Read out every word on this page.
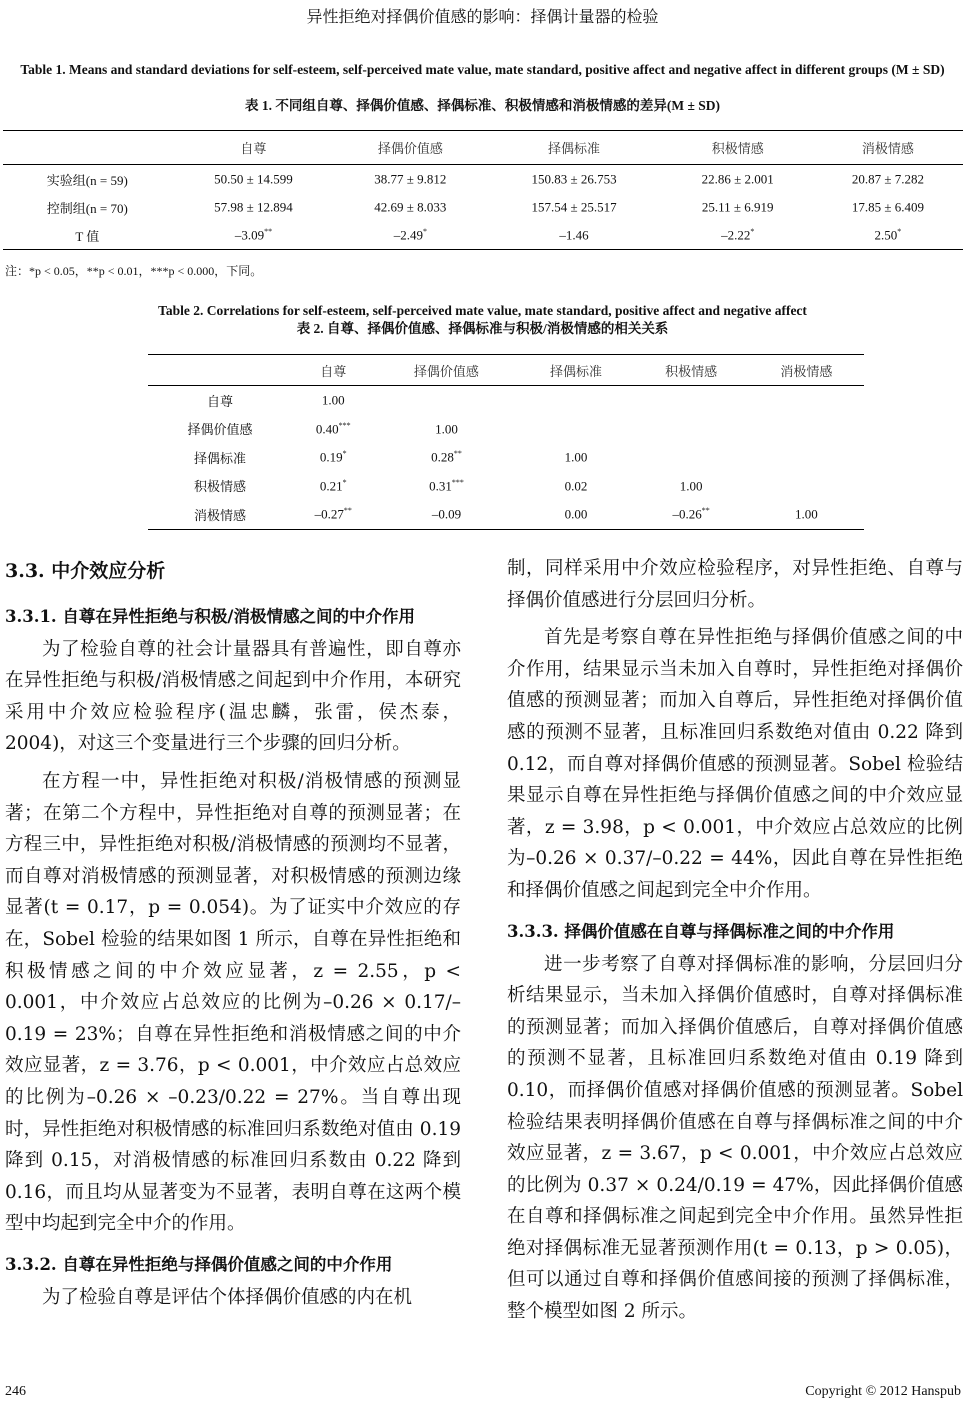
异性拒绝对择偶价值感的影响：择偶计量器的检验
Table 1. Means and standard deviations for self-esteem, self-perceived mate value, mate standard, positive affect and negative affect in different groups (M ± SD)
表 1. 不同组自尊、择偶价值感、择偶标准、积极情感和消极情感的差异(M ± SD)
	自尊	择偶价值感	择偶标准	积极情感	消极情感
实验组(n = 59)	50.50 ± 14.599	38.77 ± 9.812	150.83 ± 26.753	22.86 ± 2.001	20.87 ± 7.282
控制组(n = 70)	57.98 ± 12.894	42.69 ± 8.033	157.54 ± 25.517	25.11 ± 6.919	17.85 ± 6.409
T 值	–3.09**	–2.49*	–1.46	–2.22*	2.50*
注：*p < 0.05，**p < 0.01，***p < 0.000，下同。
Table 2. Correlations for self-esteem, self-perceived mate value, mate standard, positive affect and negative affect
表 2. 自尊、择偶价值感、择偶标准与积极/消极情感的相关关系
	自尊	择偶价值感	择偶标准	积极情感	消极情感
自尊	1.00				
择偶价值感	0.40***	1.00			
择偶标准	0.19*	0.28**	1.00		
积极情感	0.21*	0.31***	0.02	1.00	
消极情感	–0.27**	–0.09	0.00	–0.26**	1.00
3.3. 中介效应分析
3.3.1. 自尊在异性拒绝与积极/消极情感之间的中介作用

为了检验自尊的社会计量器具有普遍性，即自尊亦在异性拒绝与积极/消极情感之间起到中介作用，本研究采用中介效应检验程序(温忠麟，张雷，侯杰泰，2004)，对这三个变量进行三个步骤的回归分析。

在方程一中，异性拒绝对积极/消极情感的预测显著；在第二个方程中，异性拒绝对自尊的预测显著；在方程三中，异性拒绝对积极/消极情感的预测均不显著，而自尊对消极情感的预测显著，对积极情感的预测边缘显著(t = 0.17，p = 0.054)。为了证实中介效应的存在，Sobel 检验的结果如图 1 所示，自尊在异性拒绝和积极情感之间的中介效应显著，z = 2.55，p < 0.001，中介效应占总效应的比例为–0.26 × 0.17/–0.19 = 23%；自尊在异性拒绝和消极情感之间的中介效应显著，z = 3.76，p < 0.001，中介效应占总效应的比例为–0.26 × –0.23/0.22 = 27%。当自尊出现时，异性拒绝对积极情感的标准回归系数绝对值由 0.19 降到 0.15，对消极情感的标准回归系数由 0.22 降到 0.16，而且均从显著变为不显著，表明自尊在这两个模型中均起到完全中介的作用。

3.3.2. 自尊在异性拒绝与择偶价值感之间的中介作用

为了检验自尊是评估个体择偶价值感的内在机

制，同样采用中介效应检验程序，对异性拒绝、自尊与择偶价值感进行分层回归分析。

首先是考察自尊在异性拒绝与择偶价值感之间的中介作用，结果显示当未加入自尊时，异性拒绝对择偶价值感的预测显著；而加入自尊后，异性拒绝对择偶价值感的预测不显著，且标准回归系数绝对值由 0.22 降到 0.12，而自尊对择偶价值感的预测显著。Sobel 检验结果显示自尊在异性拒绝与择偶价值感之间的中介效应显著，z = 3.98，p < 0.001，中介效应占总效应的比例为–0.26 × 0.37/–0.22 = 44%，因此自尊在异性拒绝和择偶价值感之间起到完全中介作用。

3.3.3. 择偶价值感在自尊与择偶标准之间的中介作用

进一步考察了自尊对择偶标准的影响，分层回归分析结果显示，当未加入择偶价值感时，自尊对择偶标准的预测显著；而加入择偶价值感后，自尊对择偶价值感的预测不显著，且标准回归系数绝对值由 0.19 降到 0.10，而择偶价值感对择偶价值感的预测显著。Sobel 检验结果表明择偶价值感在自尊与择偶标准之间的中介效应显著，z = 3.67，p < 0.001，中介效应占总效应的比例为 0.37 × 0.24/0.19 = 47%，因此择偶价值感在自尊和择偶标准之间起到完全中介作用。虽然异性拒绝对择偶标准无显著预测作用(t = 0.13，p > 0.05)，但可以通过自尊和择偶价值感间接的预测了择偶标准，整个模型如图 2 所示。

246	Copyright © 2012 Hanspub
